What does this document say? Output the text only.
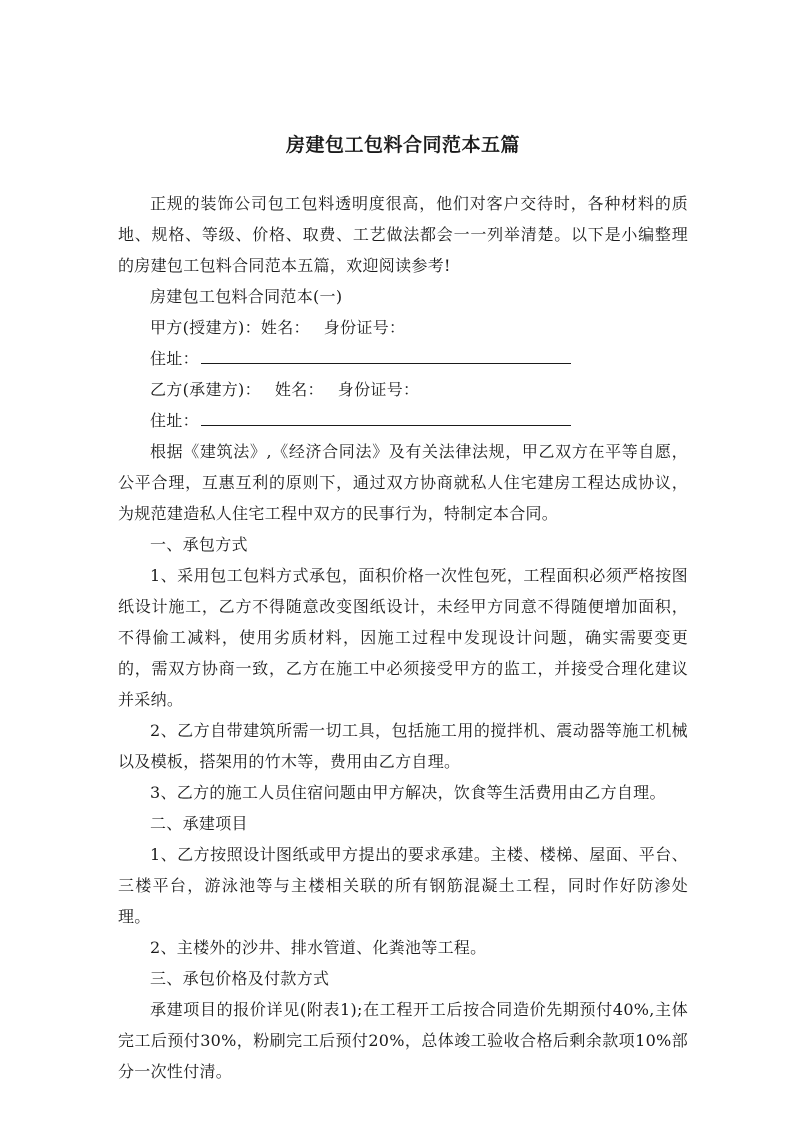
房建包工包料合同范本五篇

正规的装饰公司包工包料透明度很高，他们对客户交待时，各种材料的质地、规格、等级、价格、取费、工艺做法都会一一列举清楚。以下是小编整理的房建包工包料合同范本五篇，欢迎阅读参考!

房建包工包料合同范本(一)

甲方(授建方)：姓名： 身份证号：

住址：

乙方(承建方)： 姓名： 身份证号：

住址：

根据《建筑法》,《经济合同法》及有关法律法规，甲乙双方在平等自愿，公平合理，互惠互利的原则下，通过双方协商就私人住宅建房工程达成协议，为规范建造私人住宅工程中双方的民事行为，特制定本合同。

一、承包方式

1、采用包工包料方式承包，面积价格一次性包死，工程面积必须严格按图纸设计施工，乙方不得随意改变图纸设计，未经甲方同意不得随便增加面积，不得偷工减料，使用劣质材料，因施工过程中发现设计问题，确实需要变更的，需双方协商一致，乙方在施工中必须接受甲方的监工，并接受合理化建议并采纳。

2、乙方自带建筑所需一切工具，包括施工用的搅拌机、震动器等施工机械以及模板，搭架用的竹木等，费用由乙方自理。

3、乙方的施工人员住宿问题由甲方解决，饮食等生活费用由乙方自理。

二、承建项目

1、乙方按照设计图纸或甲方提出的要求承建。主楼、楼梯、屋面、平台、三楼平台，游泳池等与主楼相关联的所有钢筋混凝土工程，同时作好防渗处理。

2、主楼外的沙井、排水管道、化粪池等工程。

三、承包价格及付款方式

承建项目的报价详见(附表1);在工程开工后按合同造价先期预付40%,主体完工后预付30%，粉刷完工后预付20%，总体竣工验收合格后剩余款项10%部分一次性付清。
